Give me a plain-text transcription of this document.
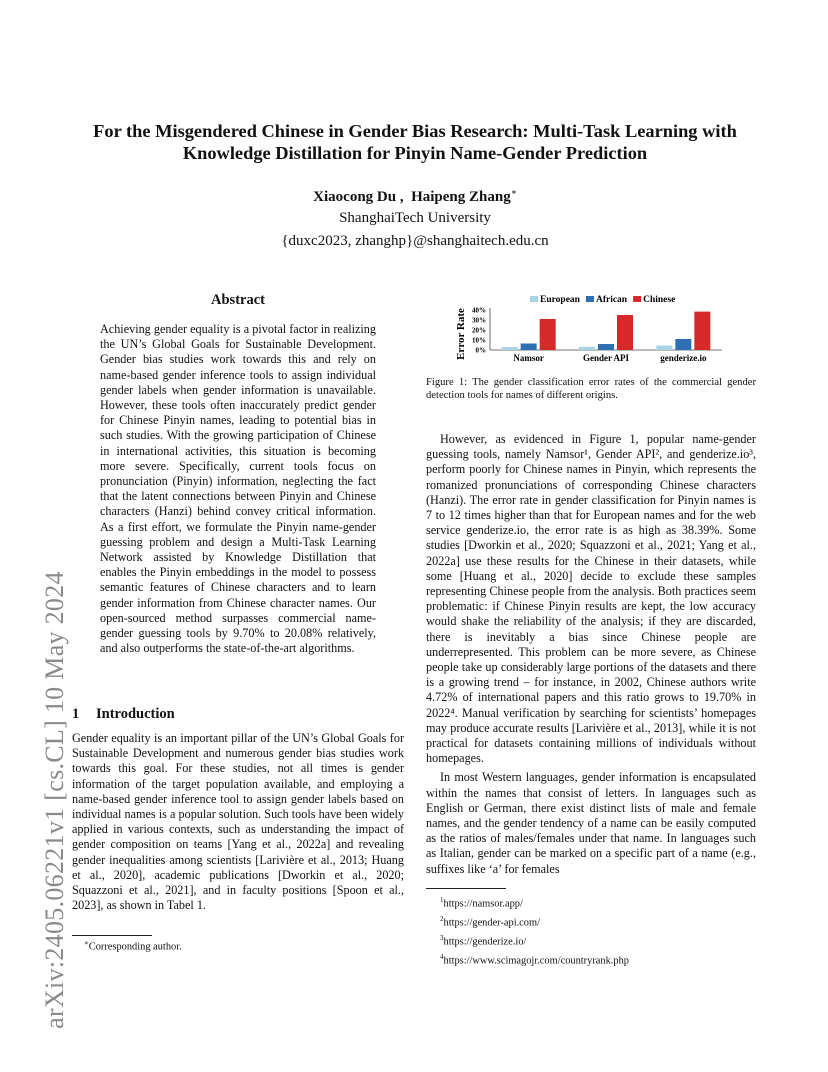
arXiv:2405.06221v1 [cs.CL] 10 May 2024
For the Misgendered Chinese in Gender Bias Research: Multi-Task Learning with
Knowledge Distillation for Pinyin Name-Gender Prediction
Xiaocong Du ,  Haipeng Zhang∗
ShanghaiTech University
{duxc2023, zhanghp}@shanghaitech.edu.cn
Abstract
Achieving gender equality is a pivotal factor in realizing the UN’s Global Goals for Sustainable Development. Gender bias studies work towards this and rely on name-based gender inference tools to assign individual gender labels when gender information is unavailable. However, these tools often inaccurately predict gender for Chinese Pinyin names, leading to potential bias in such studies. With the growing participation of Chinese in international activities, this situation is becoming more severe. Specifically, current tools focus on pronunciation (Pinyin) information, neglecting the fact that the latent connections between Pinyin and Chinese characters (Hanzi) behind convey critical information. As a first effort, we formulate the Pinyin name-gender guessing problem and design a Multi-Task Learning Network assisted by Knowledge Distillation that enables the Pinyin embeddings in the model to possess semantic features of Chinese characters and to learn gender information from Chinese character names. Our open-sourced method surpasses commercial name-gender guessing tools by 9.70% to 20.08% relatively, and also outperforms the state-of-the-art algorithms.
1 Introduction
Gender equality is an important pillar of the UN’s Global Goals for Sustainable Development and numerous gender bias studies work towards this goal. For these studies, not all times is gender information of the target population available, and employing a name-based gender inference tool to assign gender labels based on individual names is a popular solution. Such tools have been widely applied in various contexts, such as understanding the impact of gender composition on teams [Yang et al., 2022a] and revealing gender inequalities among scientists [Larivière et al., 2013; Huang et al., 2020], academic publications [Dworkin et al., 2020; Squazzoni et al., 2021], and in faculty positions [Spoon et al., 2023], as shown in Tabel 1.
∗Corresponding author.
Error Rate 0%
10%
20%
30%
40%
Namsor	Gender API	genderize.io
European African Chinese
Figure 1: The gender classification error rates of the commercial gender detection tools for names of different origins.

However, as evidenced in Figure 1, popular name-gender guessing tools, namely Namsor¹, Gender API², and genderize.io³, perform poorly for Chinese names in Pinyin, which represents the romanized pronunciations of corresponding Chinese characters (Hanzi). The error rate in gender classification for Pinyin names is 7 to 12 times higher than that for European names and for the web service genderize.io, the error rate is as high as 38.39%. Some studies [Dworkin et al., 2020; Squazzoni et al., 2021; Yang et al., 2022a] use these results for the Chinese in their datasets, while some [Huang et al., 2020] decide to exclude these samples representing Chinese people from the analysis. Both practices seem problematic: if Chinese Pinyin results are kept, the low accuracy would shake the reliability of the analysis; if they are discarded, there is inevitably a bias since Chinese people are underrepresented. This problem can be more severe, as Chinese people take up considerably large portions of the datasets and there is a growing trend – for instance, in 2002, Chinese authors write 4.72% of international papers and this ratio grows to 19.70% in 2022⁴. Manual verification by searching for scientists’ homepages may produce accurate results [Larivière et al., 2013], while it is not practical for datasets containing millions of individuals without homepages.

In most Western languages, gender information is encapsulated within the names that consist of letters. In languages such as English or German, there exist distinct lists of male and female names, and the gender tendency of a name can be easily computed as the ratios of males/females under that name. In languages such as Italian, gender can be marked on a specific part of a name (e.g., suffixes like ‘a’ for females

$^1$https://namsor.app/
$^2$https://gender-api.com/
$^3$https://genderize.io/
$^4$https://www.scimagojr.com/countryrank.php
